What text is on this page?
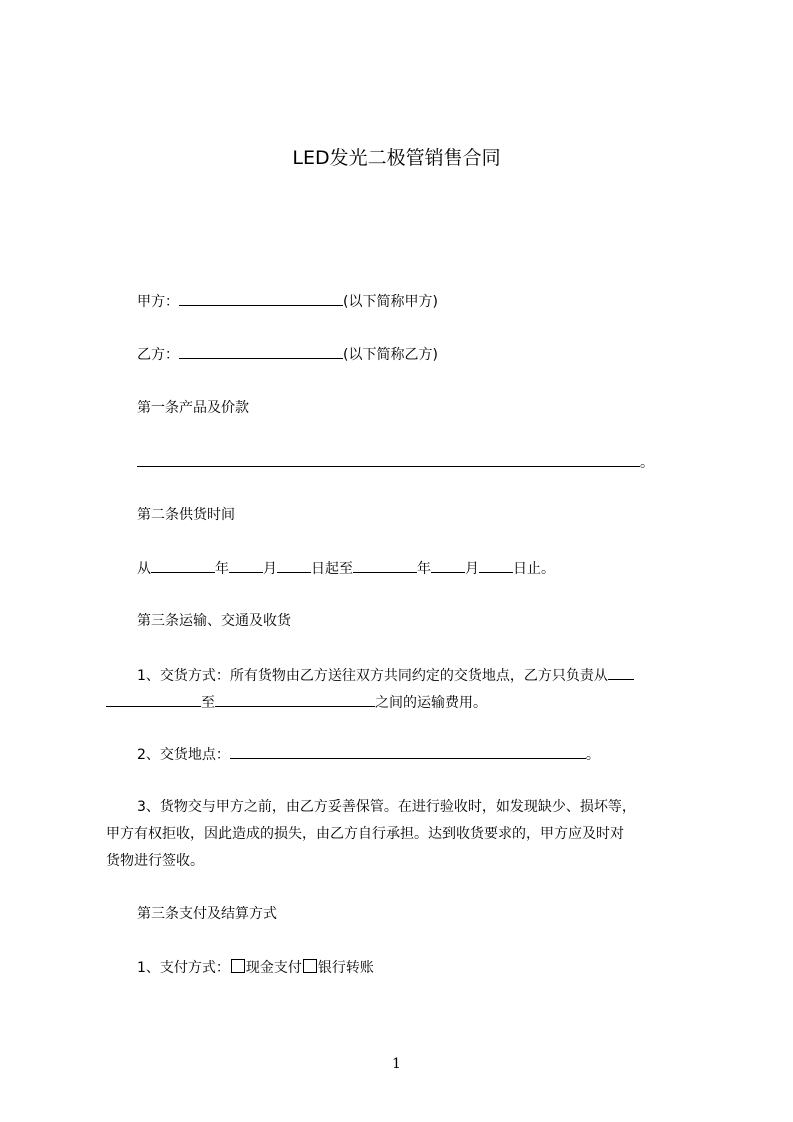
LED发光二极管销售合同
甲方：	(以下简称甲方)
乙方：	(以下简称乙方)
第一条产品及价款
。
第二条供货时间
从	年 月 日起至	年 月 日止。
第三条运输、交通及收货
1、交货方式：所有货物由乙方送往双方共同约定的交货地点，乙方只负责从
至	之间的运输费用。
2、交货地点：	。
3、货物交与甲方之前，由乙方妥善保管。在进行验收时，如发现缺少、损坏等，
甲方有权拒收，因此造成的损失，由乙方自行承担。达到收货要求的，甲方应及时对
货物进行签收。
第三条支付及结算方式
1、支付方式： 现金支付 银行转账
1
